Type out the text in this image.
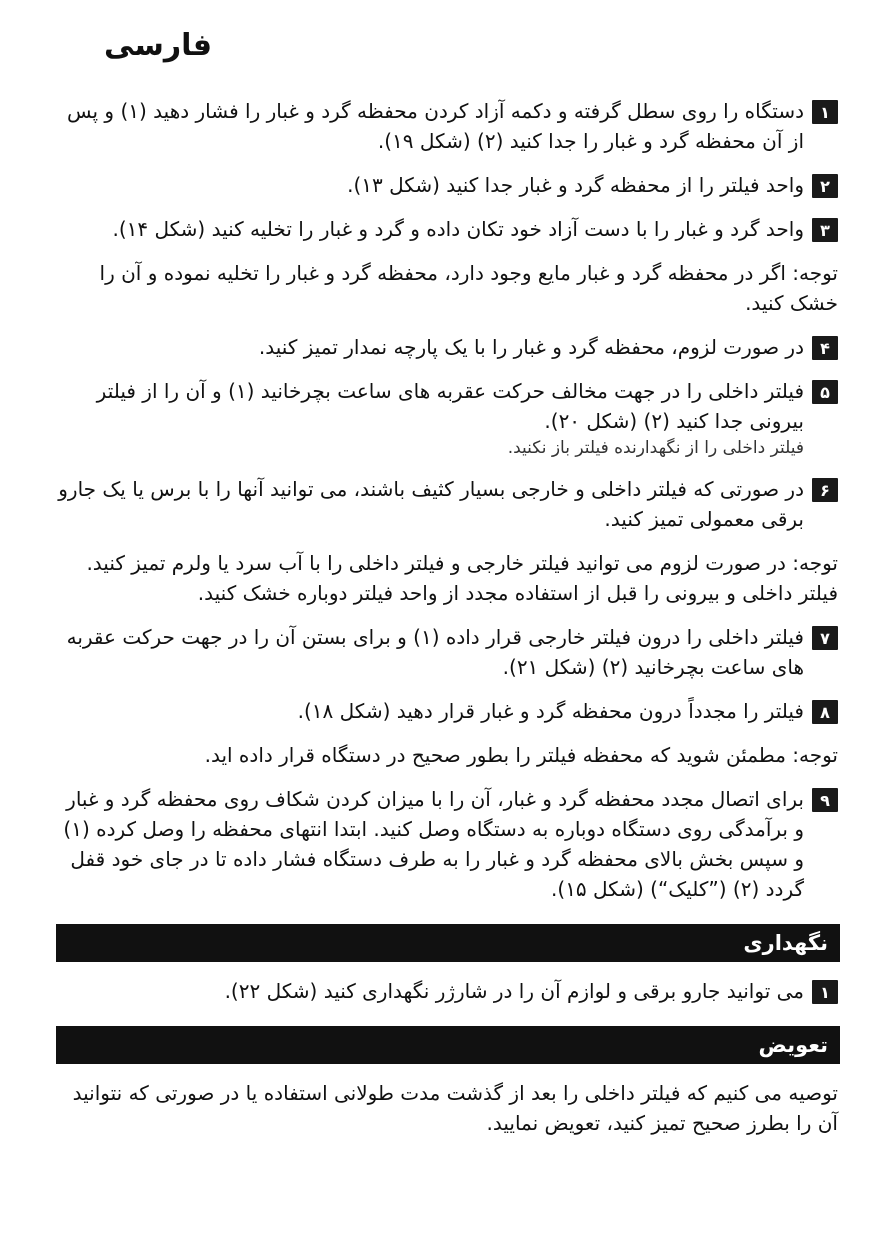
فارسی
۱
دستگاه را روی سطل گرفته و دکمه آزاد کردن محفظه گرد و غبار را فشار دهید (۱) و پس از آن محفظه گرد و غبار را جدا کنید (۲) (شکل ۱۹).
۲
واحد فیلتر را از محفظه گرد و غبار جدا کنید (شکل ۱۳).
۳
واحد گرد و غبار را با دست آزاد خود تکان داده و گرد و غبار را تخلیه کنید (شکل ۱۴).

توجه: اگر در محفظه گرد و غبار مایع وجود دارد، محفظه گرد و غبار را تخلیه نموده و آن را خشک کنید.

۴
در صورت لزوم، محفظه گرد و غبار را با یک پارچه نمدار تمیز کنید.
۵
فیلتر داخلی را در جهت مخالف حرکت عقربه های ساعت بچرخانید (۱) و آن را از فیلتر بیرونی جدا کنید (۲) (شکل ۲۰).
فیلتر داخلی را از نگهدارنده فیلتر باز نکنید.
۶
در صورتی که فیلتر داخلی و خارجی بسیار کثیف باشند، می توانید آنها را با برس یا یک جارو برقی معمولی تمیز کنید.

توجه: در صورت لزوم می توانید فیلتر خارجی و فیلتر داخلی را با آب سرد یا ولرم تمیز کنید. فیلتر داخلی و بیرونی را قبل از استفاده مجدد از واحد فیلتر دوباره خشک کنید.

۷
فیلتر داخلی را درون فیلتر خارجی قرار داده (۱) و برای بستن آن را در جهت حرکت عقربه های ساعت بچرخانید (۲) (شکل ۲۱).
۸
فیلتر را مجدداً درون محفظه گرد و غبار قرار دهید (شکل ۱۸).

توجه: مطمئن شوید که محفظه فیلتر را بطور صحیح در دستگاه قرار داده اید.

۹
برای اتصال مجدد محفظه گرد و غبار، آن را با میزان کردن شکاف روی محفظه گرد و غبار و برآمدگی روی دستگاه دوباره به دستگاه وصل کنید. ابتدا انتهای محفظه را وصل کرده (۱) و سپس بخش بالای محفظه گرد و غبار را به طرف دستگاه فشار داده تا در جای خود قفل گردد (۲) (”کلیک“) (شکل ۱۵).
نگهداری
۱
می توانید جارو برقی و لوازم آن را در شارژر نگهداری کنید (شکل ۲۲).
تعویض

توصیه می کنیم که فیلتر داخلی را بعد از گذشت مدت طولانی استفاده یا در صورتی که نتوانید آن را بطرز صحیح تمیز کنید، تعویض نمایید.
